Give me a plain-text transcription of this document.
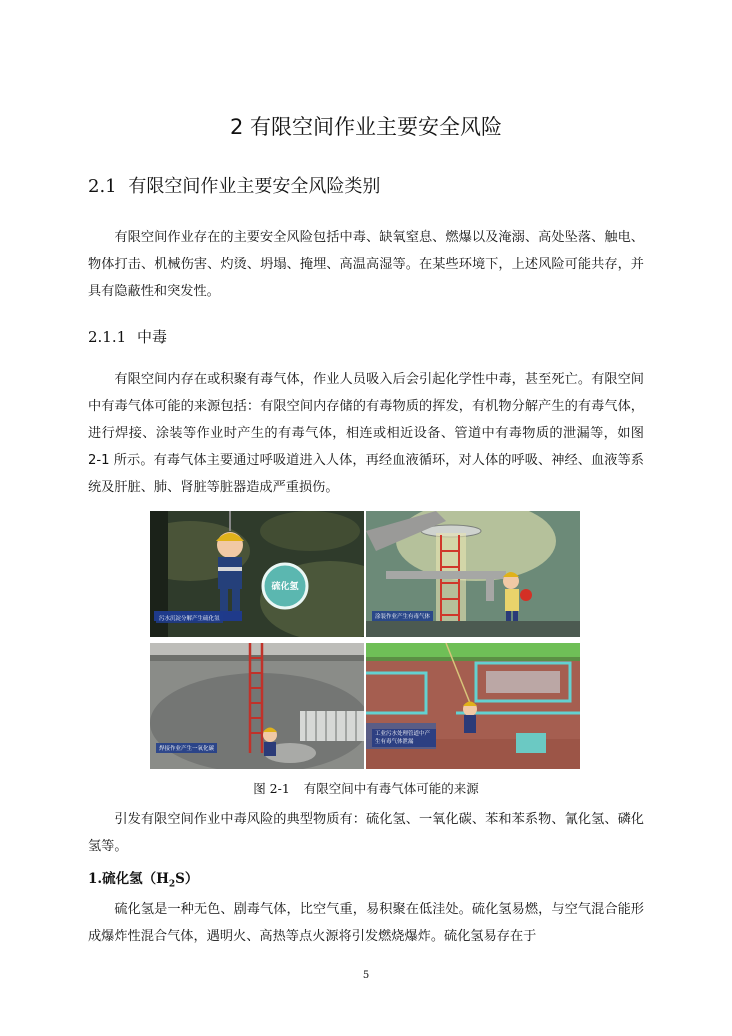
2 有限空间作业主要安全风险
2.1 有限空间作业主要安全风险类别

有限空间作业存在的主要安全风险包括中毒、缺氧窒息、燃爆以及淹溺、高处坠落、触电、物体打击、机械伤害、灼烫、坍塌、掩埋、高温高湿等。在某些环境下，上述风险可能共存，并具有隐蔽性和突发性。

2.1.1 中毒

有限空间内存在或积聚有毒气体，作业人员吸入后会引起化学性中毒，甚至死亡。有限空间中有毒气体可能的来源包括：有限空间内存储的有毒物质的挥发，有机物分解产生的有毒气体，进行焊接、涂装等作业时产生的有毒气体，相连或相近设备、管道中有毒物质的泄漏等，如图 2-1 所示。有毒气体主要通过呼吸道进入人体，再经血液循环，对人体的呼吸、神经、血液等系统及肝脏、肺、肾脏等脏器造成严重损伤。

硫化氢
污水沉淀分解产生硫化氢	涂装作业产生有毒气体
焊接作业产生一氧化碳
工业污水处理管道中产生有毒气体泄漏
图 2-1 有限空间中有毒气体可能的来源

引发有限空间作业中毒风险的典型物质有：硫化氢、一氧化碳、苯和苯系物、氰化氢、磷化氢等。

1.硫化氢$(H_2S)$

硫化氢是一种无色、剧毒气体，比空气重，易积聚在低洼处。硫化氢易燃，与空气混合能形成爆炸性混合气体，遇明火、高热等点火源将引发燃烧爆炸。硫化氢易存在于

5
